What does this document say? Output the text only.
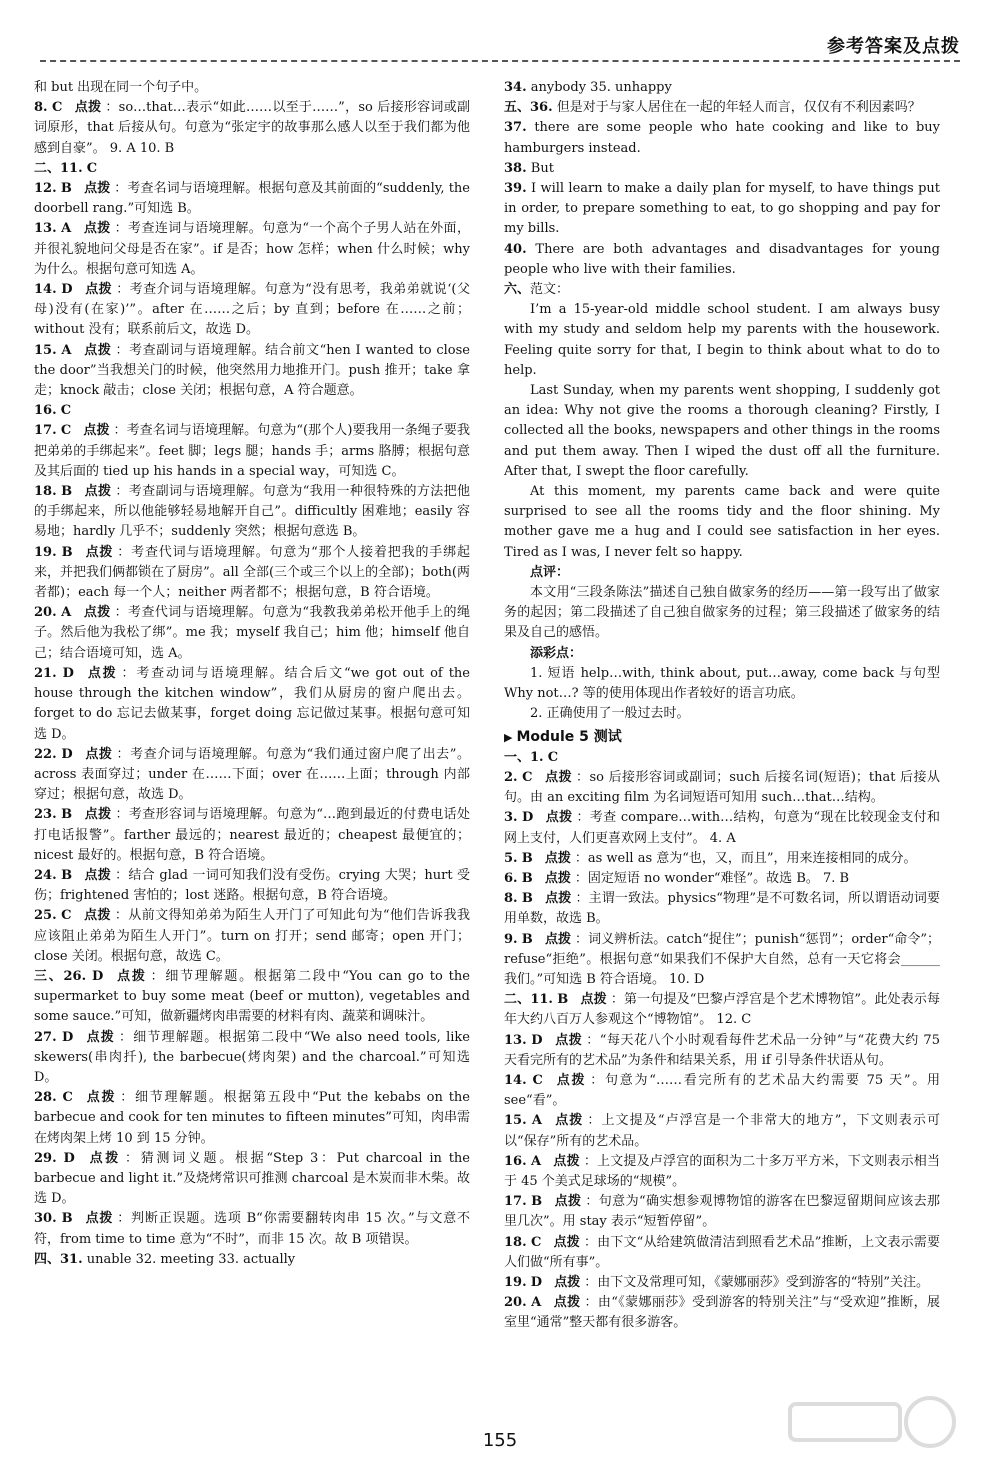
参考答案及点拨

和 but 出现在同一个句子中。

8. C 点拨 ：so…that…表示“如此……以至于……”，so 后接形容词或副词原形，that 后接从句。句意为“张定宇的故事那么感人以至于我们都为他感到自豪”。 9. A 10. B

二、11. C

12. B 点拨 ：考查名词与语境理解。根据句意及其前面的“suddenly, the doorbell rang.”可知选 B。

13. A 点拨 ：考查连词与语境理解。句意为“一个高个子男人站在外面，并很礼貌地问父母是否在家”。if 是否；how 怎样；when 什么时候；why 为什么。根据句意可知选 A。

14. D 点拨 ：考查介词与语境理解。句意为“没有思考，我弟弟就说‘(父母)没有(在家)’”。after 在……之后；by 直到；before 在……之前；without 没有；联系前后文，故选 D。

15. A 点拨 ：考查副词与语境理解。结合前文“hen I wanted to close the door”当我想关门的时候，他突然用力地推开门。push 推开；take 拿走；knock 敲击；close 关闭；根据句意，A 符合题意。

16. C

17. C 点拨 ：考查名词与语境理解。句意为“(那个人)要我用一条绳子要我把弟弟的手绑起来”。feet 脚；legs 腿；hands 手；arms 胳膊；根据句意及其后面的 tied up his hands in a special way，可知选 C。

18. B 点拨 ：考查副词与语境理解。句意为“我用一种很特殊的方法把他的手绑起来，所以他能够轻易地解开自己”。difficultly 困难地；easily 容易地；hardly 几乎不；suddenly 突然；根据句意选 B。

19. B 点拨 ：考查代词与语境理解。句意为“那个人接着把我的手绑起来，并把我们俩都锁在了厨房”。all 全部(三个或三个以上的全部)；both(两者都)；each 每一个人；neither 两者都不；根据句意，B 符合语境。

20. A 点拨 ：考查代词与语境理解。句意为“我教我弟弟松开他手上的绳子。然后他为我松了绑”。me 我；myself 我自己；him 他；himself 他自己；结合语境可知，选 A。

21. D 点拨 ：考查动词与语境理解。结合后文“we got out of the house through the kitchen window”，我们从厨房的窗户爬出去。forget to do 忘记去做某事，forget doing 忘记做过某事。根据句意可知选 D。

22. D 点拨 ：考查介词与语境理解。句意为“我们通过窗户爬了出去”。across 表面穿过；under 在……下面；over 在……上面；through 内部穿过；根据句意，故选 D。

23. B 点拨 ：考查形容词与语境理解。句意为“…跑到最近的付费电话处打电话报警”。farther 最远的；nearest 最近的；cheapest 最便宜的；nicest 最好的。根据句意，B 符合语境。

24. B 点拨 ：结合 glad 一词可知我们没有受伤。crying 大哭；hurt 受伤；frightened 害怕的；lost 迷路。根据句意，B 符合语境。

25. C 点拨 ：从前文得知弟弟为陌生人开门了可知此句为“他们告诉我我应该阻止弟弟为陌生人开门”。turn on 打开；send 邮寄；open 开门；close 关闭。根据句意，故选 C。

三、26. D 点拨 ：细节理解题。根据第二段中“You can go to the supermarket to buy some meat (beef or mutton), vegetables and some sauce.”可知，做新疆烤肉串需要的材料有肉、蔬菜和调味汁。

27. D 点拨 ：细节理解题。根据第二段中“We also need tools, like skewers(串肉扦), the barbecue(烤肉架) and the charcoal.”可知选 D。

28. C 点拨 ：细节理解题。根据第五段中“Put the kebabs on the barbecue and cook for ten minutes to fifteen minutes”可知，肉串需在烤肉架上烤 10 到 15 分钟。

29. D 点拨 ：猜测词义题。根据“Step 3：Put charcoal in the barbecue and light it.”及烧烤常识可推测 charcoal 是木炭而非木柴。故选 D。

30. B 点拨 ：判断正误题。选项 B“你需要翻转肉串 15 次。”与文意不符，from time to time 意为“不时”，而非 15 次。故 B 项错误。

四、31. unable 32. meeting 33. actually

34. anybody 35. unhappy

五、36. 但是对于与家人居住在一起的年轻人而言，仅仅有不利因素吗？

37. there are some people who hate cooking and like to buy hamburgers instead.

38. But

39. I will learn to make a daily plan for myself, to have things put in order, to prepare something to eat, to go shopping and pay for my bills.

40. There are both advantages and disadvantages for young people who live with their families.

六、范文：

I’m a 15-year-old middle school student. I am always busy with my study and seldom help my parents with the housework. Feeling quite sorry for that, I begin to think about what to do to help.

Last Sunday, when my parents went shopping, I suddenly got an idea: Why not give the rooms a thorough cleaning? Firstly, I collected all the books, newspapers and other things in the rooms and put them away. Then I wiped the dust off all the furniture. After that, I swept the floor carefully.

At this moment, my parents came back and were quite surprised to see all the rooms tidy and the floor shining. My mother gave me a hug and I could see satisfaction in her eyes. Tired as I was, I never felt so happy.

点评：

本文用“三段条陈法”描述自己独自做家务的经历——第一段写出了做家务的起因；第二段描述了自己独自做家务的过程；第三段描述了做家务的结果及自己的感悟。

添彩点：

1. 短语 help…with, think about, put…away, come back 与句型 Why not…? 等的使用体现出作者较好的语言功底。

2. 正确使用了一般过去时。

▶ Module 5 测试

一、1. C

2. C 点拨 ：so 后接形容词或副词；such 后接名词(短语)；that 后接从句。由 an exciting film 为名词短语可知用 such…that…结构。

3. D 点拨 ：考查 compare…with…结构，句意为“现在比较现金支付和网上支付，人们更喜欢网上支付”。 4. A

5. B 点拨 ：as well as 意为“也，又，而且”，用来连接相同的成分。

6. B 点拨 ：固定短语 no wonder“难怪”。故选 B。 7. B

8. B 点拨 ：主谓一致法。physics“物理”是不可数名词，所以谓语动词要用单数，故选 B。

9. B 点拨 ：词义辨析法。catch“捉住”；punish“惩罚”；order“命令”；refuse“拒绝”。根据句意“如果我们不保护大自然，总有一天它将会______我们。”可知选 B 符合语境。 10. D

二、11. B 点拨 ：第一句提及“巴黎卢浮宫是个艺术博物馆”。此处表示每年大约八百万人参观这个“博物馆”。 12. C

13. D 点拨 ：“每天花八个小时观看每件艺术品一分钟”与“花费大约 75 天看完所有的艺术品”为条件和结果关系，用 if 引导条件状语从句。

14. C 点拨 ：句意为“……看完所有的艺术品大约需要 75 天”。用 see“看”。

15. A 点拨 ：上文提及“卢浮宫是一个非常大的地方”，下文则表示可以“保存”所有的艺术品。

16. A 点拨 ：上文提及卢浮宫的面积为二十多万平方米，下文则表示相当于 45 个美式足球场的“规模”。

17. B 点拨 ：句意为“确实想参观博物馆的游客在巴黎逗留期间应该去那里几次”。用 stay 表示“短暂停留”。

18. C 点拨 ：由下文“从给建筑做清洁到照看艺术品”推断，上文表示需要人们做“所有事”。

19. D 点拨 ：由下文及常理可知，《蒙娜丽莎》受到游客的“特别”关注。

20. A 点拨 ：由“《蒙娜丽莎》受到游客的特别关注”与“受欢迎”推断，展室里“通常”整天都有很多游客。

155
